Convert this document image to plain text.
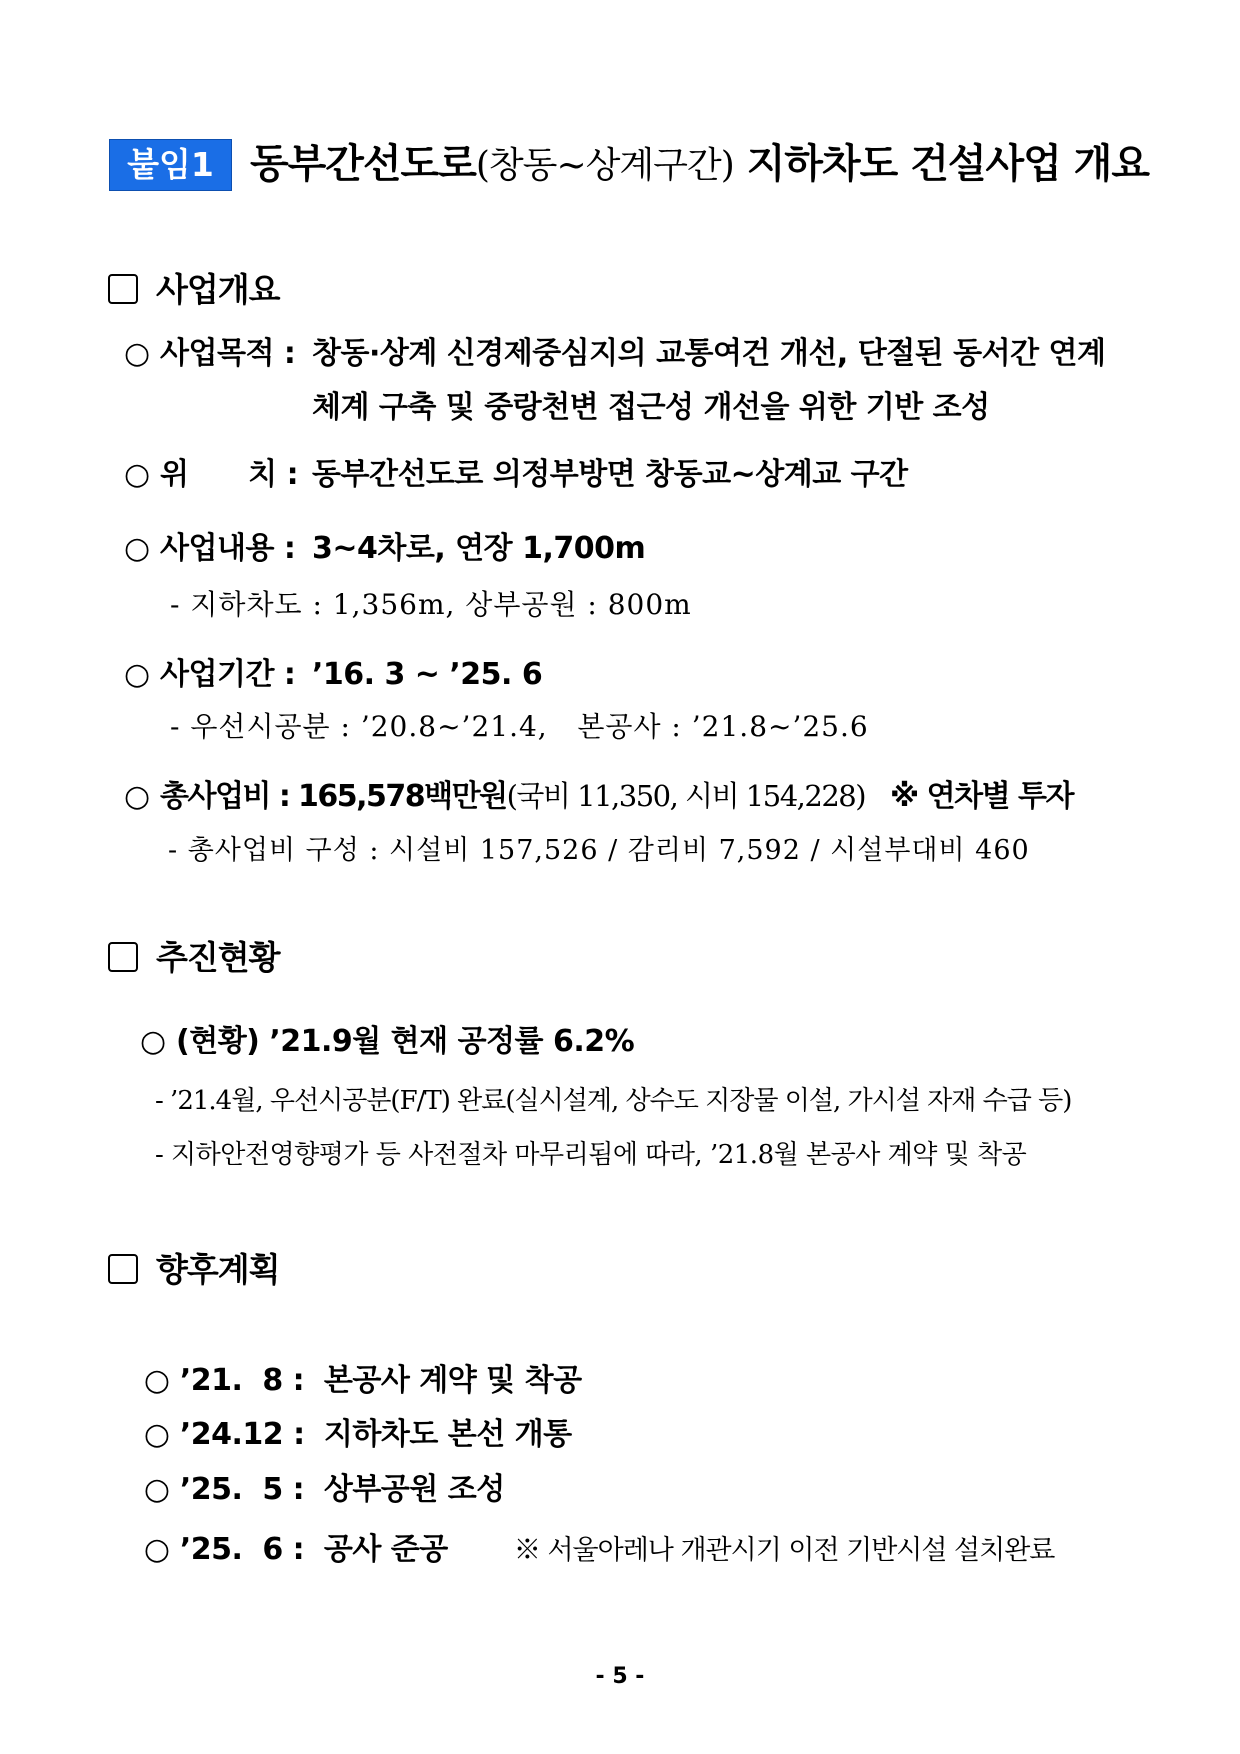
붙임1 동부간선도로(창동~상계구간) 지하차도 건설사업 개요
사업개요
○ 사업목적 : 창동·상계 신경제중심지의 교통여건 개선, 단절된 동서간 연계
체계 구축 및 중랑천변 접근성 개선을 위한 기반 조성
○ 위      치 : 동부간선도로 의정부방면 창동교~상계교 구간
○ 사업내용 : 3~4차로, 연장 1,700m
- 지하차도 : 1,356m, 상부공원 : 800m
○ 사업기간 : ’16. 3 ~ ’25. 6
- 우선시공분 : ’20.8~’21.4,   본공사 : ’21.8~’25.6
○ 총사업비 : 165,578백만원(국비 11,350, 시비 154,228) ※ 연차별 투자
- 총사업비 구성 : 시설비 157,526 / 감리비 7,592 / 시설부대비 460
추진현황
○ (현황) ’21.9월 현재 공정률 6.2%
- ’21.4월, 우선시공분(F/T) 완료(실시설계, 상수도 지장물 이설, 가시설 자재 수급 등)
- 지하안전영향평가 등 사전절차 마무리됨에 따라, ’21.8월 본공사 계약 및 착공
향후계획

○ ’21.  8 : 본공사 계약 및 착공

○ ’24.12 : 지하차도 본선 개통

○ ’25.  5 : 상부공원 조성

○ ’25.  6 : 공사 준공 ※ 서울아레나 개관시기 이전 기반시설 설치완료

- 5 -
